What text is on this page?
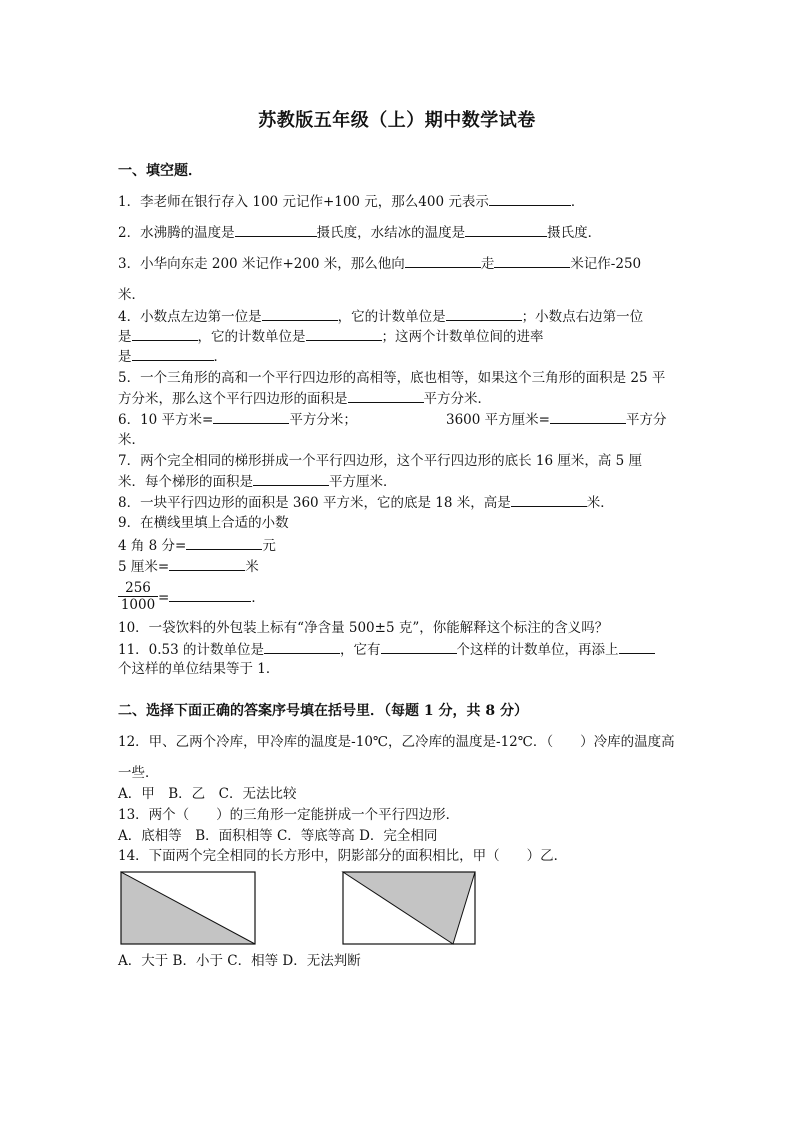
苏教版五年级（上）期中数学试卷
一、填空题．
1．李老师在银行存入 100 元记作+100 元，那么400 元表示	．
2．水沸腾的温度是	摄氏度，水结冰的温度是	摄氏度．
3．小华向东走 200 米记作+200 米，那么他向	走	米记作-250
米．
4．小数点左边第一位是	，它的计数单位是	；小数点右边第一位
是	，它的计数单位是	；这两个计数单位间的进率
是	．
5．一个三角形的高和一个平行四边形的高相等，底也相等，如果这个三角形的面积是 25 平
方分米，那么这个平行四边形的面积是	平方分米．
6．10 平方米=	平方分米；	3600 平方厘米=	平方分
米．
7．两个完全相同的梯形拼成一个平行四边形，这个平行四边形的底长 16 厘米，高 5 厘
米．每个梯形的面积是	平方厘米．
8．一块平行四边形的面积是 360 平方米，它的底是 18 米，高是	米．
9．在横线里填上合适的小数
4 角 8 分=	元
5 厘米=	米
256
1000 =	．
10．一袋饮料的外包装上标有“净含量 500±5 克”，你能解释这个标注的含义吗？
11．0.53 的计数单位是	，它有	个这样的计数单位，再添上
个这样的单位结果等于 1．
二、选择下面正确的答案序号填在括号里．（每题 1 分，共 8 分）
12．甲、乙两个冷库，甲冷库的温度是-10℃，乙冷库的温度是-12℃．（　　）冷库的温度高
一些．
A．甲　B．乙　C．无法比较
13．两个（　　）的三角形一定能拼成一个平行四边形．
A．底相等　B．面积相等 C．等底等高 D．完全相同
14．下面两个完全相同的长方形中，阴影部分的面积相比，甲（　　）乙．
A．大于 B．小于 C．相等 D．无法判断
